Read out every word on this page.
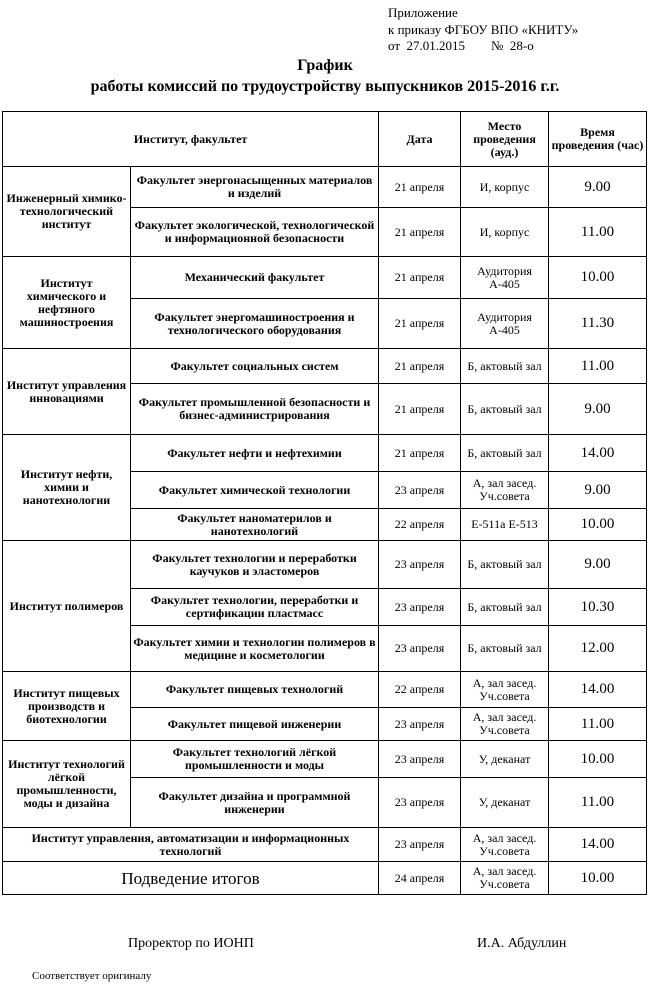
Приложение
к приказу ФГБОУ ВПО «КНИТУ»
от  27.01.2015        №  28-о
График
работы комиссий по трудоустройству выпускников 2015-2016 г.г.
Институт, факультет		Дата	Место проведения (ауд.)	Время проведения (час)
Инженерный химико-технологический институт	Факультет энергонасыщенных материалов и изделий	21 апреля	И, корпус	9.00
	Факультет экологической, технологической и информационной безопасности	21 апреля	И, корпус	11.00
Институт химического и нефтяного машиностроения	Механический факультет	21 апреля	Аудитория А-405	10.00
	Факультет энергомашиностроения и технологического оборудования	21 апреля	Аудитория А-405	11.30
Институт управления инновациями	Факультет социальных систем	21 апреля	Б, актовый зал	11.00
	Факультет промышленной безопасности и бизнес-администрирования	21 апреля	Б, актовый зал	9.00
Институт нефти, химии и нанотехнологии	Факультет нефти и нефтехимии	21 апреля	Б, актовый зал	14.00
	Факультет химической технологии	23 апреля	А, зал засед. Уч.совета	9.00
	Факультет наноматерилов и нанотехнологий	22 апреля	Е-511а Е-513	10.00
Институт полимеров	Факультет технологии и переработки каучуков и эластомеров	23 апреля	Б, актовый зал	9.00
	Факультет технологии, переработки и сертификации пластмасс	23 апреля	Б, актовый зал	10.30
	Факультет химии и технологии полимеров в медицине и косметологии	23 апреля	Б, актовый зал	12.00
Институт пищевых производств и биотехнологии	Факультет пищевых технологий	22 апреля	А, зал засед. Уч.совета	14.00
	Факультет пищевой инженерии	23 апреля	А, зал засед. Уч.совета	11.00
Институт технологий лёгкой промышленности, моды и дизайна	Факультет технологий лёгкой промышленности и моды	23 апреля	У, деканат	10.00
	Факультет дизайна и программной инженерии	23 апреля	У, деканат	11.00
Институт управления, автоматизации и информационных технологий		23 апреля	А, зал засед. Уч.совета	14.00
Подведение итогов		24 апреля	А, зал засед. Уч.совета	10.00
Проректор по ИОНП	И.А. Абдуллин
Соответствует оригиналу
